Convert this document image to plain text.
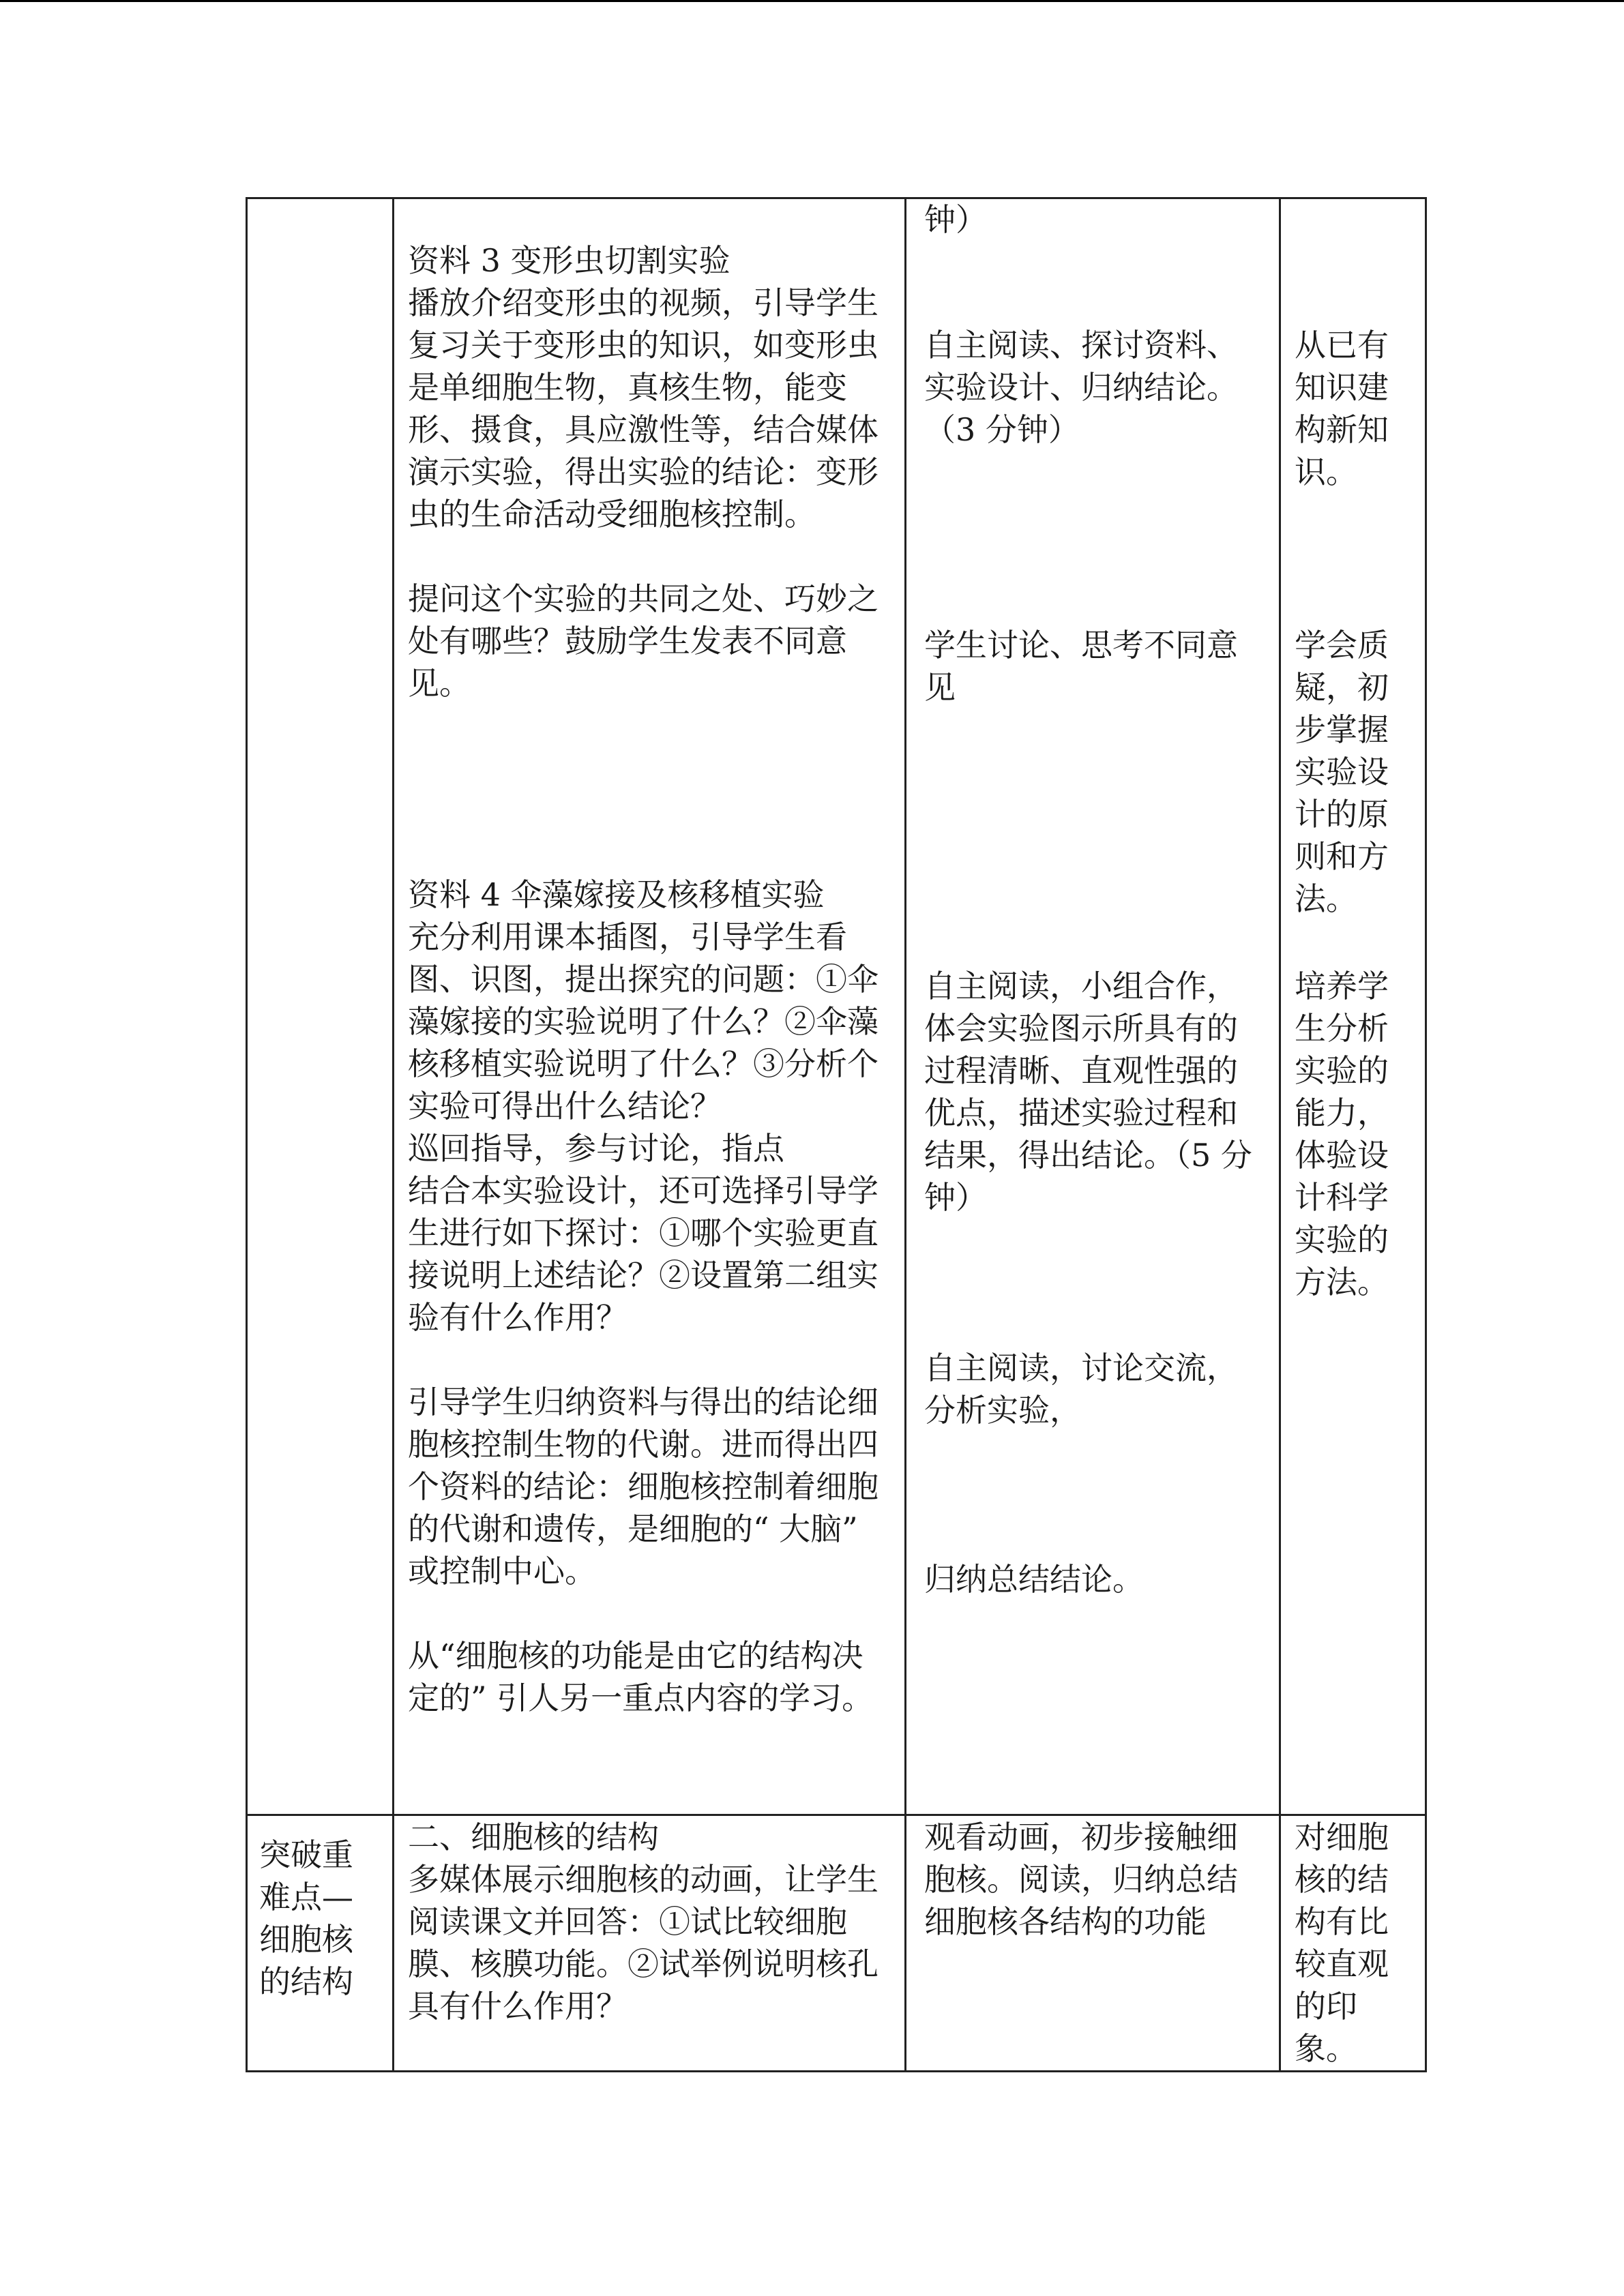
资料 3 变形虫切割实验

播放介绍变形虫的视频，引导学生复习关于变形虫的知识，如变形虫是单细胞生物，真核生物，能变形、摄食，具应激性等，结合媒体演示实验，得出实验的结论：变形虫的生命活动受细胞核控制。

提问这个实验的共同之处、巧妙之处有哪些？鼓励学生发表不同意见。

资料 4 伞藻嫁接及核移植实验

充分利用课本插图，引导学生看图、识图，提出探究的问题：①伞藻嫁接的实验说明了什么？②伞藻核移植实验说明了什么？③分析个实验可得出什么结论？

巡回指导，参与讨论，指点

结合本实验设计，还可选择引导学生进行如下探讨：①哪个实验更直接说明上述结论？②设置第二组实验有什么作用？

引导学生归纳资料与得出的结论细胞核控制生物的代谢。进而得出四个资料的结论：细胞核控制着细胞的代谢和遗传，是细胞的“ 大脑” 或控制中心。

从“细胞核的功能是由它的结构决定的” 引人另一重点内容的学习。

钟）

自主阅读、探讨资料、实验设计、归纳结论。（3 分钟）

学生讨论、思考不同意见

自主阅读，小组合作，体会实验图示所具有的过程清晰、直观性强的优点，描述实验过程和结果，得出结论。（5 分钟）

自主阅读，讨论交流，分析实验，

归纳总结结论。

从已有知识建构新知识。

学会质疑，初步掌握实验设计的原则和方法。

培养学生分析实验的能力，体验设计科学实验的方法。

突破重难点—细胞核的结构

二、细胞核的结构

多媒体展示细胞核的动画，让学生阅读课文并回答：①试比较细胞膜、核膜功能。②试举例说明核孔具有什么作用？

观看动画，初步接触细胞核。阅读，归纳总结细胞核各结构的功能

对细胞核的结构有比较直观的印象。
